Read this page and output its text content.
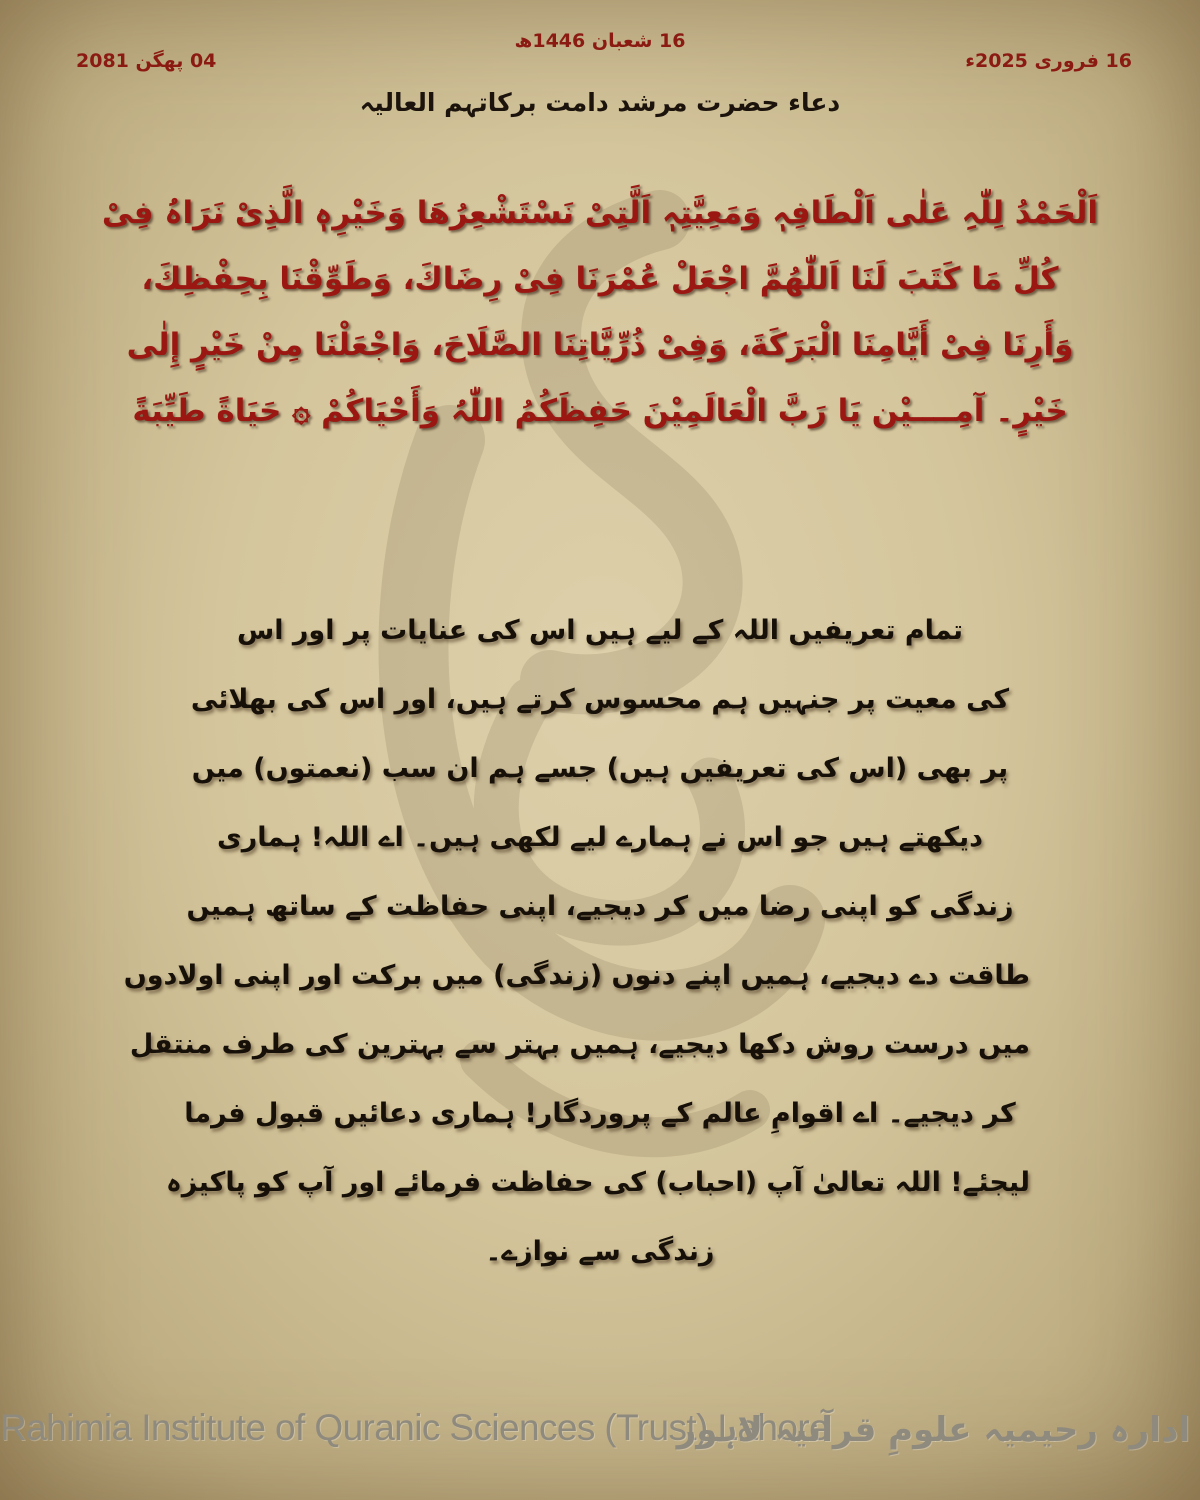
16 شعبان 1446ھ
16 فروری 2025ء
04 پھگن 2081
دعاء حضرت مرشد دامت برکاتہم العالیہ
اَلْحَمْدُ لِلّٰہِ عَلٰی اَلْطَافِہٖ وَمَعِیَّتِہٖ اَلَّتِیْ نَسْتَشْعِرُھَا وَخَیْرِہٖ الَّذِیْ نَرَاہُ فِیْ
کُلِّ مَا کَتَبَ لَنَا اَللّٰھُمَّ اجْعَلْ عُمْرَنَا فِیْ رِضَاكَ، وَطَوِّقْنَا بِحِفْظِكَ،
وَأَرِنَا فِیْ أَیَّامِنَا الْبَرَکَةَ، وَفِیْ ذُرِّیَّاتِنَا الصَّلَاحَ، وَاجْعَلْنَا مِنْ خَیْرٍ إِلٰی
خَیْرٍ۔ آمِــــیْن یَا رَبَّ الْعَالَمِیْنَ حَفِظَکُمُ اللّٰہُ وَأَحْیَاکُمْ ۞ حَیَاةً طَیِّبَةً
تمام تعریفیں اللہ کے لیے ہیں اس کی عنایات پر اور اس
کی معیت پر جنہیں ہم محسوس کرتے ہیں، اور اس کی بھلائی
پر بھی (اس کی تعریفیں ہیں) جسے ہم ان سب (نعمتوں) میں
دیکھتے ہیں جو اس نے ہمارے لیے لکھی ہیں۔ اے اللہ! ہماری
زندگی کو اپنی رضا میں کر دیجیے، اپنی حفاظت کے ساتھ ہمیں
طاقت دے دیجیے، ہمیں اپنے دنوں (زندگی) میں برکت اور اپنی اولادوں
میں درست روش دکھا دیجیے، ہمیں بہتر سے بہترین کی طرف منتقل
کر دیجیے۔ اے اقوامِ عالم کے پروردگار! ہماری دعائیں قبول فرما
لیجئے! اللہ تعالیٰ آپ (احباب) کی حفاظت فرمائے اور آپ کو پاکیزہ
زندگی سے نوازے۔
Rahimia Institute of Quranic Sciences (Trust) Lahore
ادارہ رحیمیہ علومِ قرآنیہ لاہور
